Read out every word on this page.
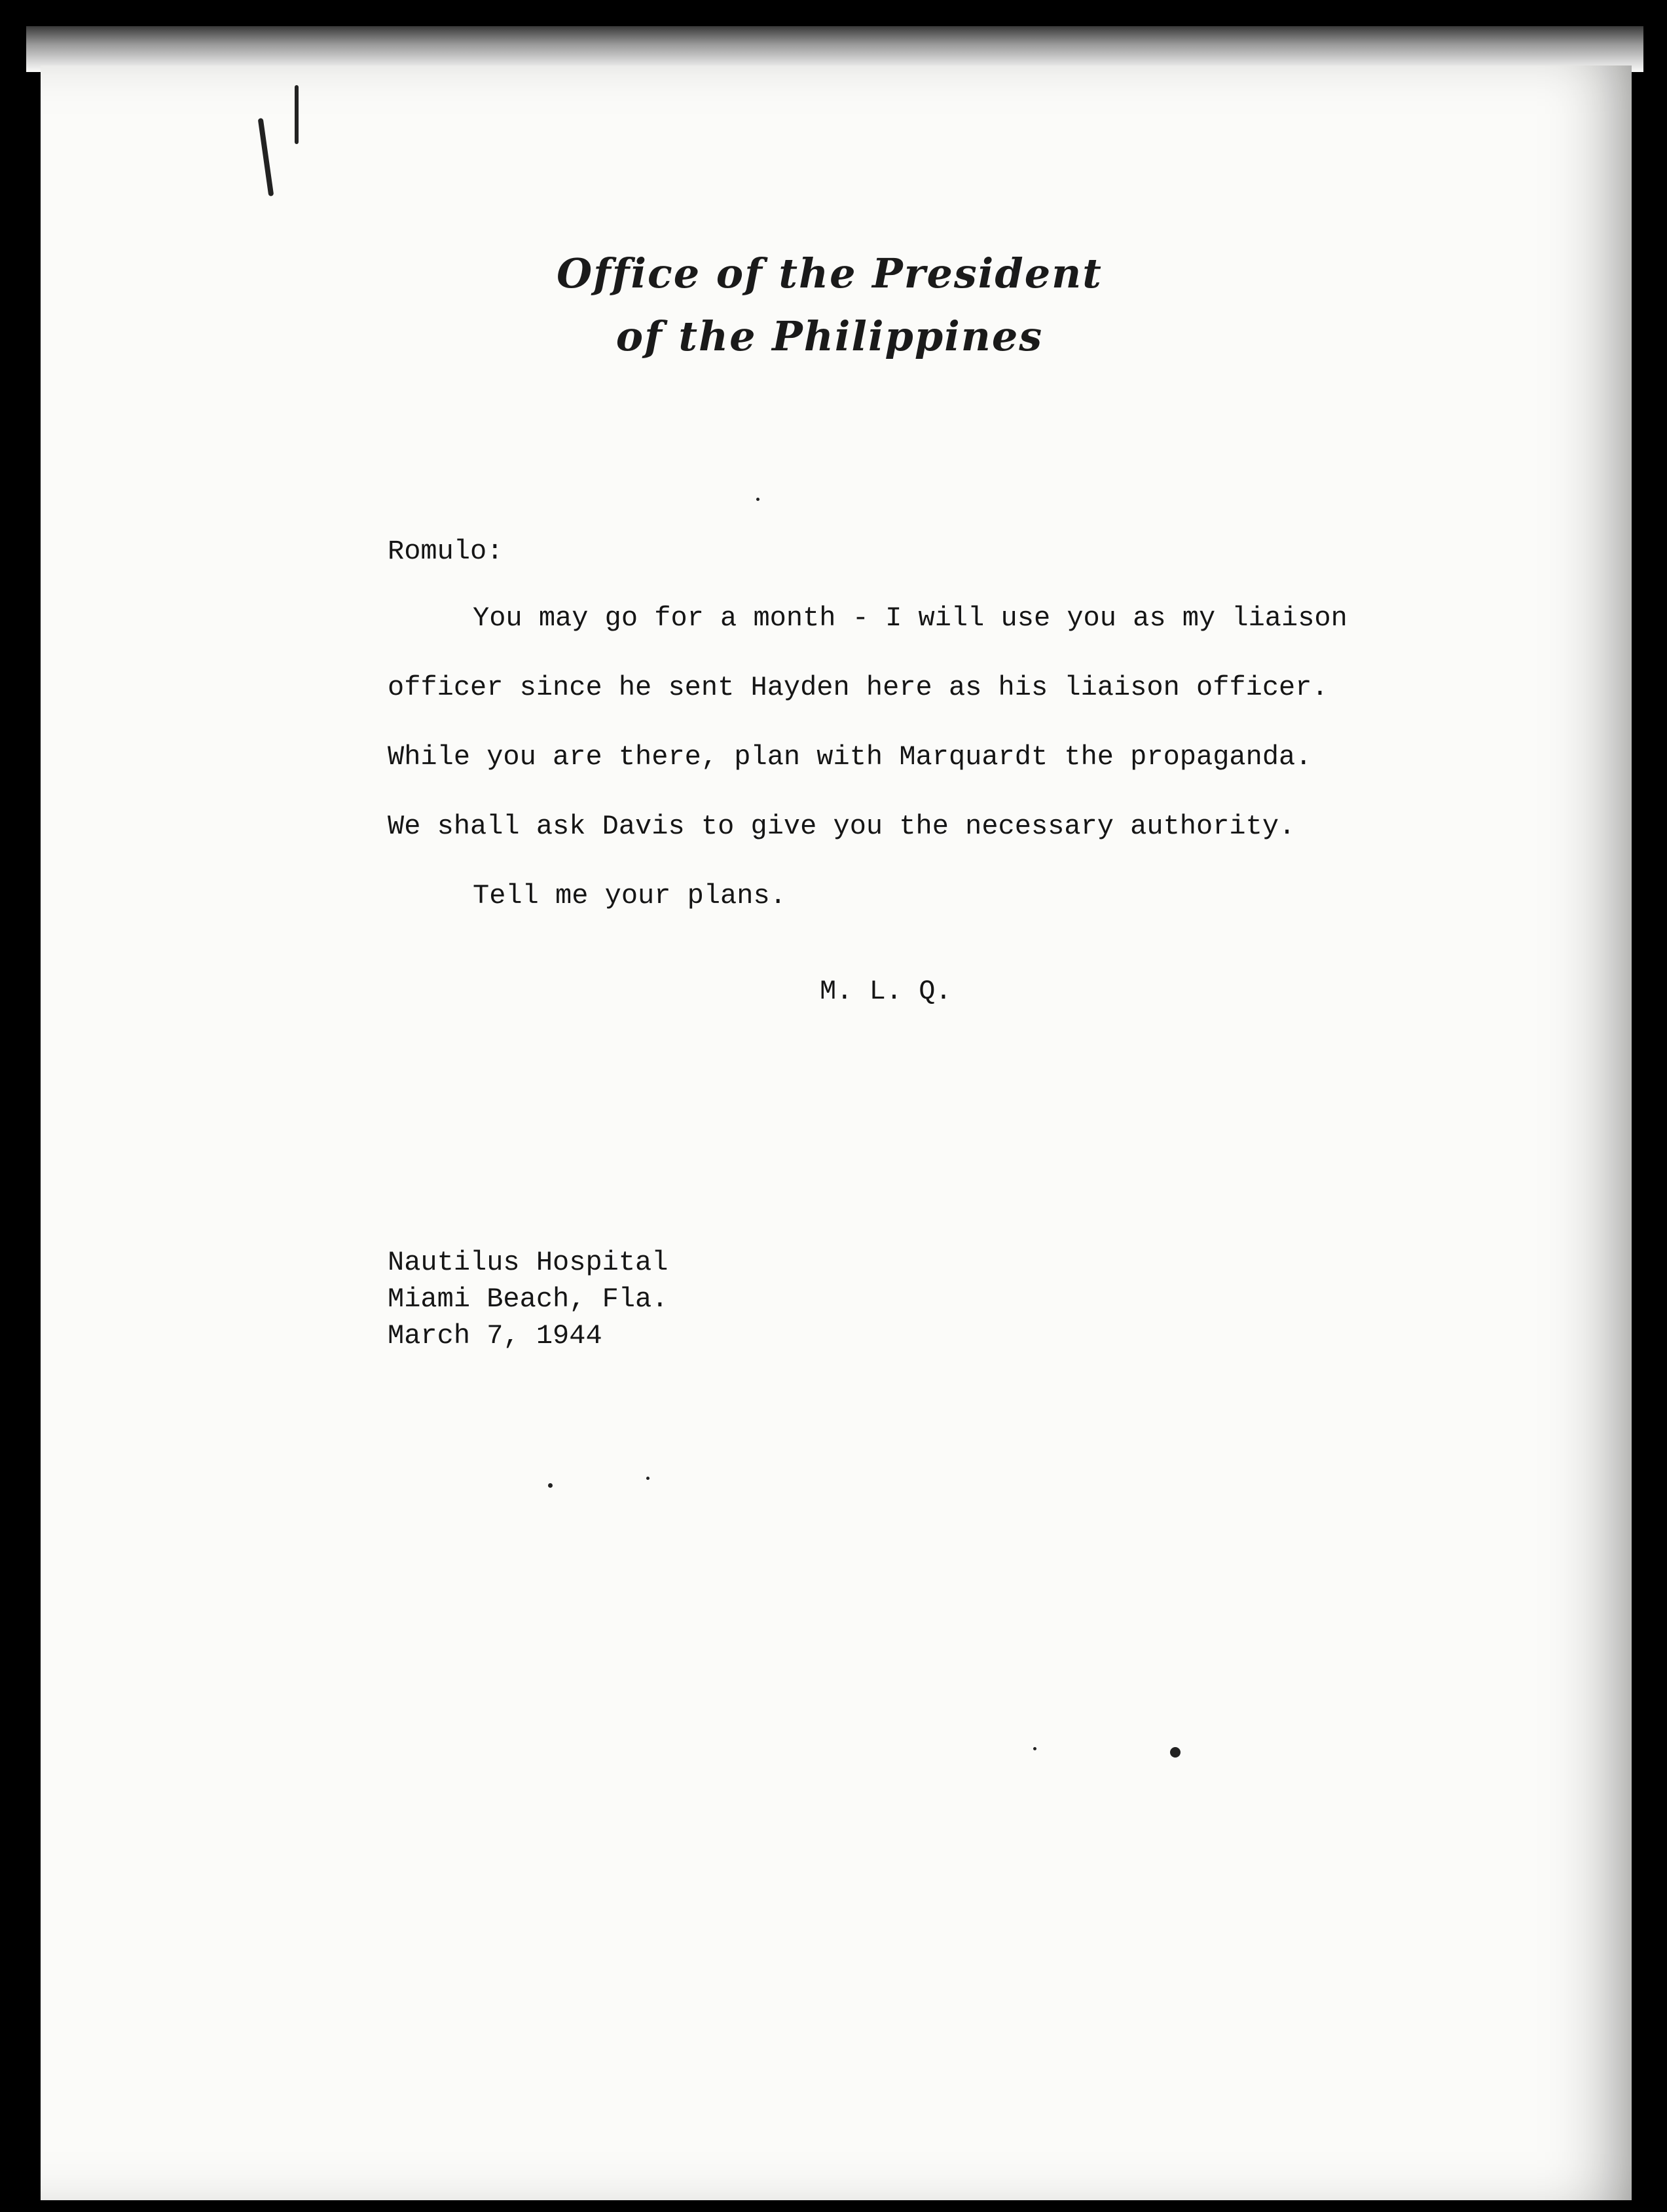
Office of the President
of the Philippines
Romulo:
You may go for a month - I will use you as my liaison
officer since he sent Hayden here as his liaison officer.
While you are there, plan with Marquardt the propaganda.
We shall ask Davis to give you the necessary authority.
Tell me your plans.
M. L. Q.
Nautilus Hospital
Miami Beach, Fla.
March 7, 1944
